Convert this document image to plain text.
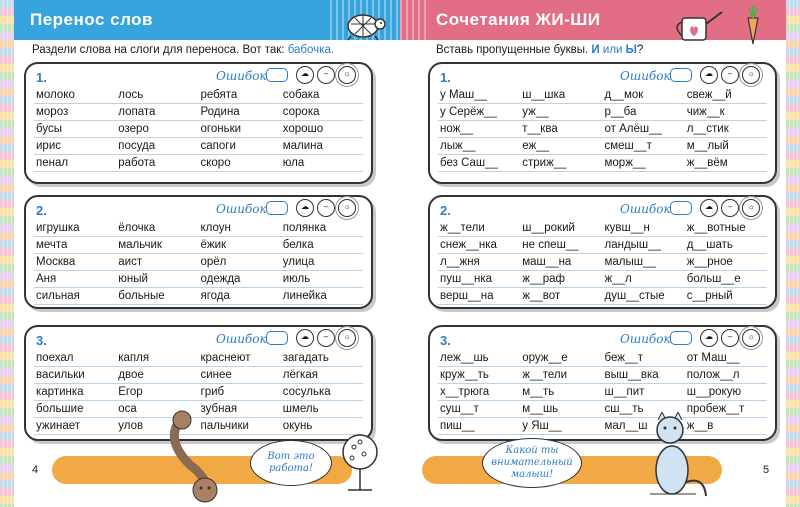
Перенос слов
Раздели слова на слоги для переноса. Вот так: бабочка.
1.	Ошибок	☁	–	☼
молоко	лось	ребята	собака
мороз	лопата	Родина	сорока
бусы	озеро	огоньки	хорошо
ирис	посуда	сапоги	малина
пенал	работа	скоро	юла
2.	Ошибок	☁	–	☼
игрушка	ёлочка	клоун	полянка
мечта	мальчик	ёжик	белка
Москва	аист	орёл	улица
Аня	юный	одежда	июль
сильная	больные	ягода	линейка
3.	Ошибок	☁	–	☼
поехал	капля	краснеют	загадать
васильки	двое	синее	лёгкая
картинка	Егор	гриб	сосулька
большие	оса	зубная	шмель
ужинает	улов	пальчики	окунь
4
Вот это работа!
Сочетания ЖИ-ШИ
Вставь пропущенные буквы. И или Ы?
1.	Ошибок	☁	–	☼
у Маш__	ш__шка	д__мок	свеж__й
у Серёж__	уж__	р__ба	чиж__к
нож__	т__ква	от Алёш__	л__стик
лыж__	еж__	смеш__т	м__лый
без Саш__	стриж__	морж__	ж__вём
2.	Ошибок	☁	–	☼
ж__тели	ш__рокий	кувш__н	ж__вотные
снеж__нка	не спеш__	ландыш__	д__шать
л__жня	маш__на	малыш__	ж__рное
пуш__нка	ж__раф	ж__л	больш__е
верш__на	ж__вот	душ__стые	с__рный
3.	Ошибок	☁	–	☼
леж__шь	оруж__е	беж__т	от Маш__
круж__ть	ж__тели	выш__вка	полож__л
х__трюга	м__ть	ш__пит	ш__рокую
суш__т	м__шь	сш__ть	пробеж__т
пиш__	у Яш__	мал__ш	ж__в
5
Какой ты внимательный малыш!
